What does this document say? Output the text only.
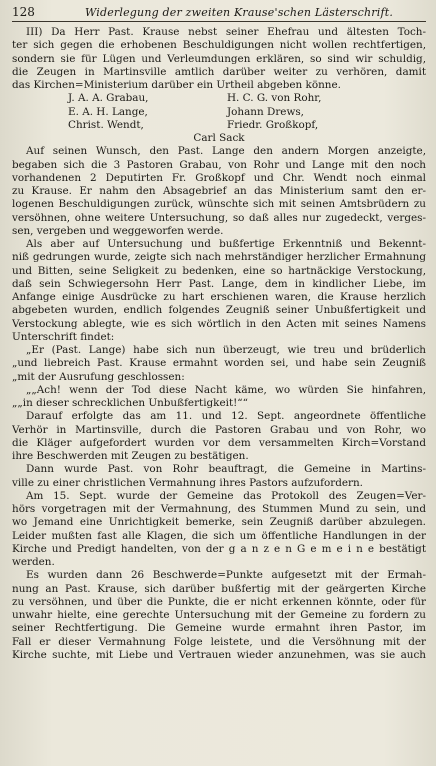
128	Widerlegung der zweiten Krause'schen Lästerschrift.
III) Da Herr Past. Krause nebst seiner Ehefrau und ältesten Toch-
ter sich gegen die erhobenen Beschuldigungen nicht wollen rechtfertigen,
sondern sie für Lügen und Verleumdungen erklären, so sind wir schuldig,
die Zeugen in Martinsville amtlich darüber weiter zu verhören, damit
das Kirchen=Ministerium darüber ein Urtheil abgeben könne.
J. A. A. Grabau,	H. C. G. von Rohr,
E. A. H. Lange,	Johann Drews,
Christ. Wendt,	Friedr. Großkopf,
Carl Sack
Auf seinen Wunsch, den Past. Lange den andern Morgen anzeigte,
begaben sich die 3 Pastoren Grabau, von Rohr und Lange mit den noch
vorhandenen 2 Deputirten Fr. Großkopf und Chr. Wendt noch einmal
zu Krause. Er nahm den Absagebrief an das Ministerium samt den er-
logenen Beschuldigungen zurück, wünschte sich mit seinen Amtsbrüdern zu
versöhnen, ohne weitere Untersuchung, so daß alles nur zugedeckt, verges-
sen, vergeben und weggeworfen werde.
Als aber auf Untersuchung und bußfertige Erkenntniß und Bekennt-
niß gedrungen wurde, zeigte sich nach mehrständiger herzlicher Ermahnung
und Bitten, seine Seligkeit zu bedenken, eine so hartnäckige Verstockung,
daß sein Schwiegersohn Herr Past. Lange, dem in kindlicher Liebe, im
Anfange einige Ausdrücke zu hart erschienen waren, die Krause herzlich
abgebeten wurden, endlich folgendes Zeugniß seiner Unbußfertigkeit und
Verstockung ablegte, wie es sich wörtlich in den Acten mit seines Namens
Unterschrift findet:
„Er (Past. Lange) habe sich nun überzeugt, wie treu und brüderlich
„und liebreich Past. Krause ermahnt worden sei, und habe sein Zeugniß
„mit der Ausrufung geschlossen:
„„Ach! wenn der Tod diese Nacht käme, wo würden Sie hinfahren,
„„in dieser schrecklichen Unbußfertigkeit!““
Darauf erfolgte das am 11. und 12. Sept. angeordnete öffentliche
Verhör in Martinsville, durch die Pastoren Grabau und von Rohr, wo
die Kläger aufgefordert wurden vor dem versammelten Kirch=Vorstand
ihre Beschwerden mit Zeugen zu bestätigen.
Dann wurde Past. von Rohr beauftragt, die Gemeine in Martins-
ville zu einer christlichen Vermahnung ihres Pastors aufzufordern.
Am 15. Sept. wurde der Gemeine das Protokoll des Zeugen=Ver-
hörs vorgetragen mit der Vermahnung, des Stummen Mund zu sein, und
wo Jemand eine Unrichtigkeit bemerke, sein Zeugniß darüber abzulegen.
Leider mußten fast alle Klagen, die sich um öffentliche Handlungen in der
Kirche und Predigt handelten, von der g a n z e n G e m e i n e bestätigt
werden.
Es wurden dann 26 Beschwerde=Punkte aufgesetzt mit der Ermah-
nung an Past. Krause, sich darüber bußfertig mit der geärgerten Kirche
zu versöhnen, und über die Punkte, die er nicht erkennen könnte, oder für
unwahr hielte, eine gerechte Untersuchung mit der Gemeine zu fordern zu
seiner Rechtfertigung. Die Gemeine wurde ermahnt ihren Pastor, im
Fall er dieser Vermahnung Folge leistete, und die Versöhnung mit der
Kirche suchte, mit Liebe und Vertrauen wieder anzunehmen, was sie auch
